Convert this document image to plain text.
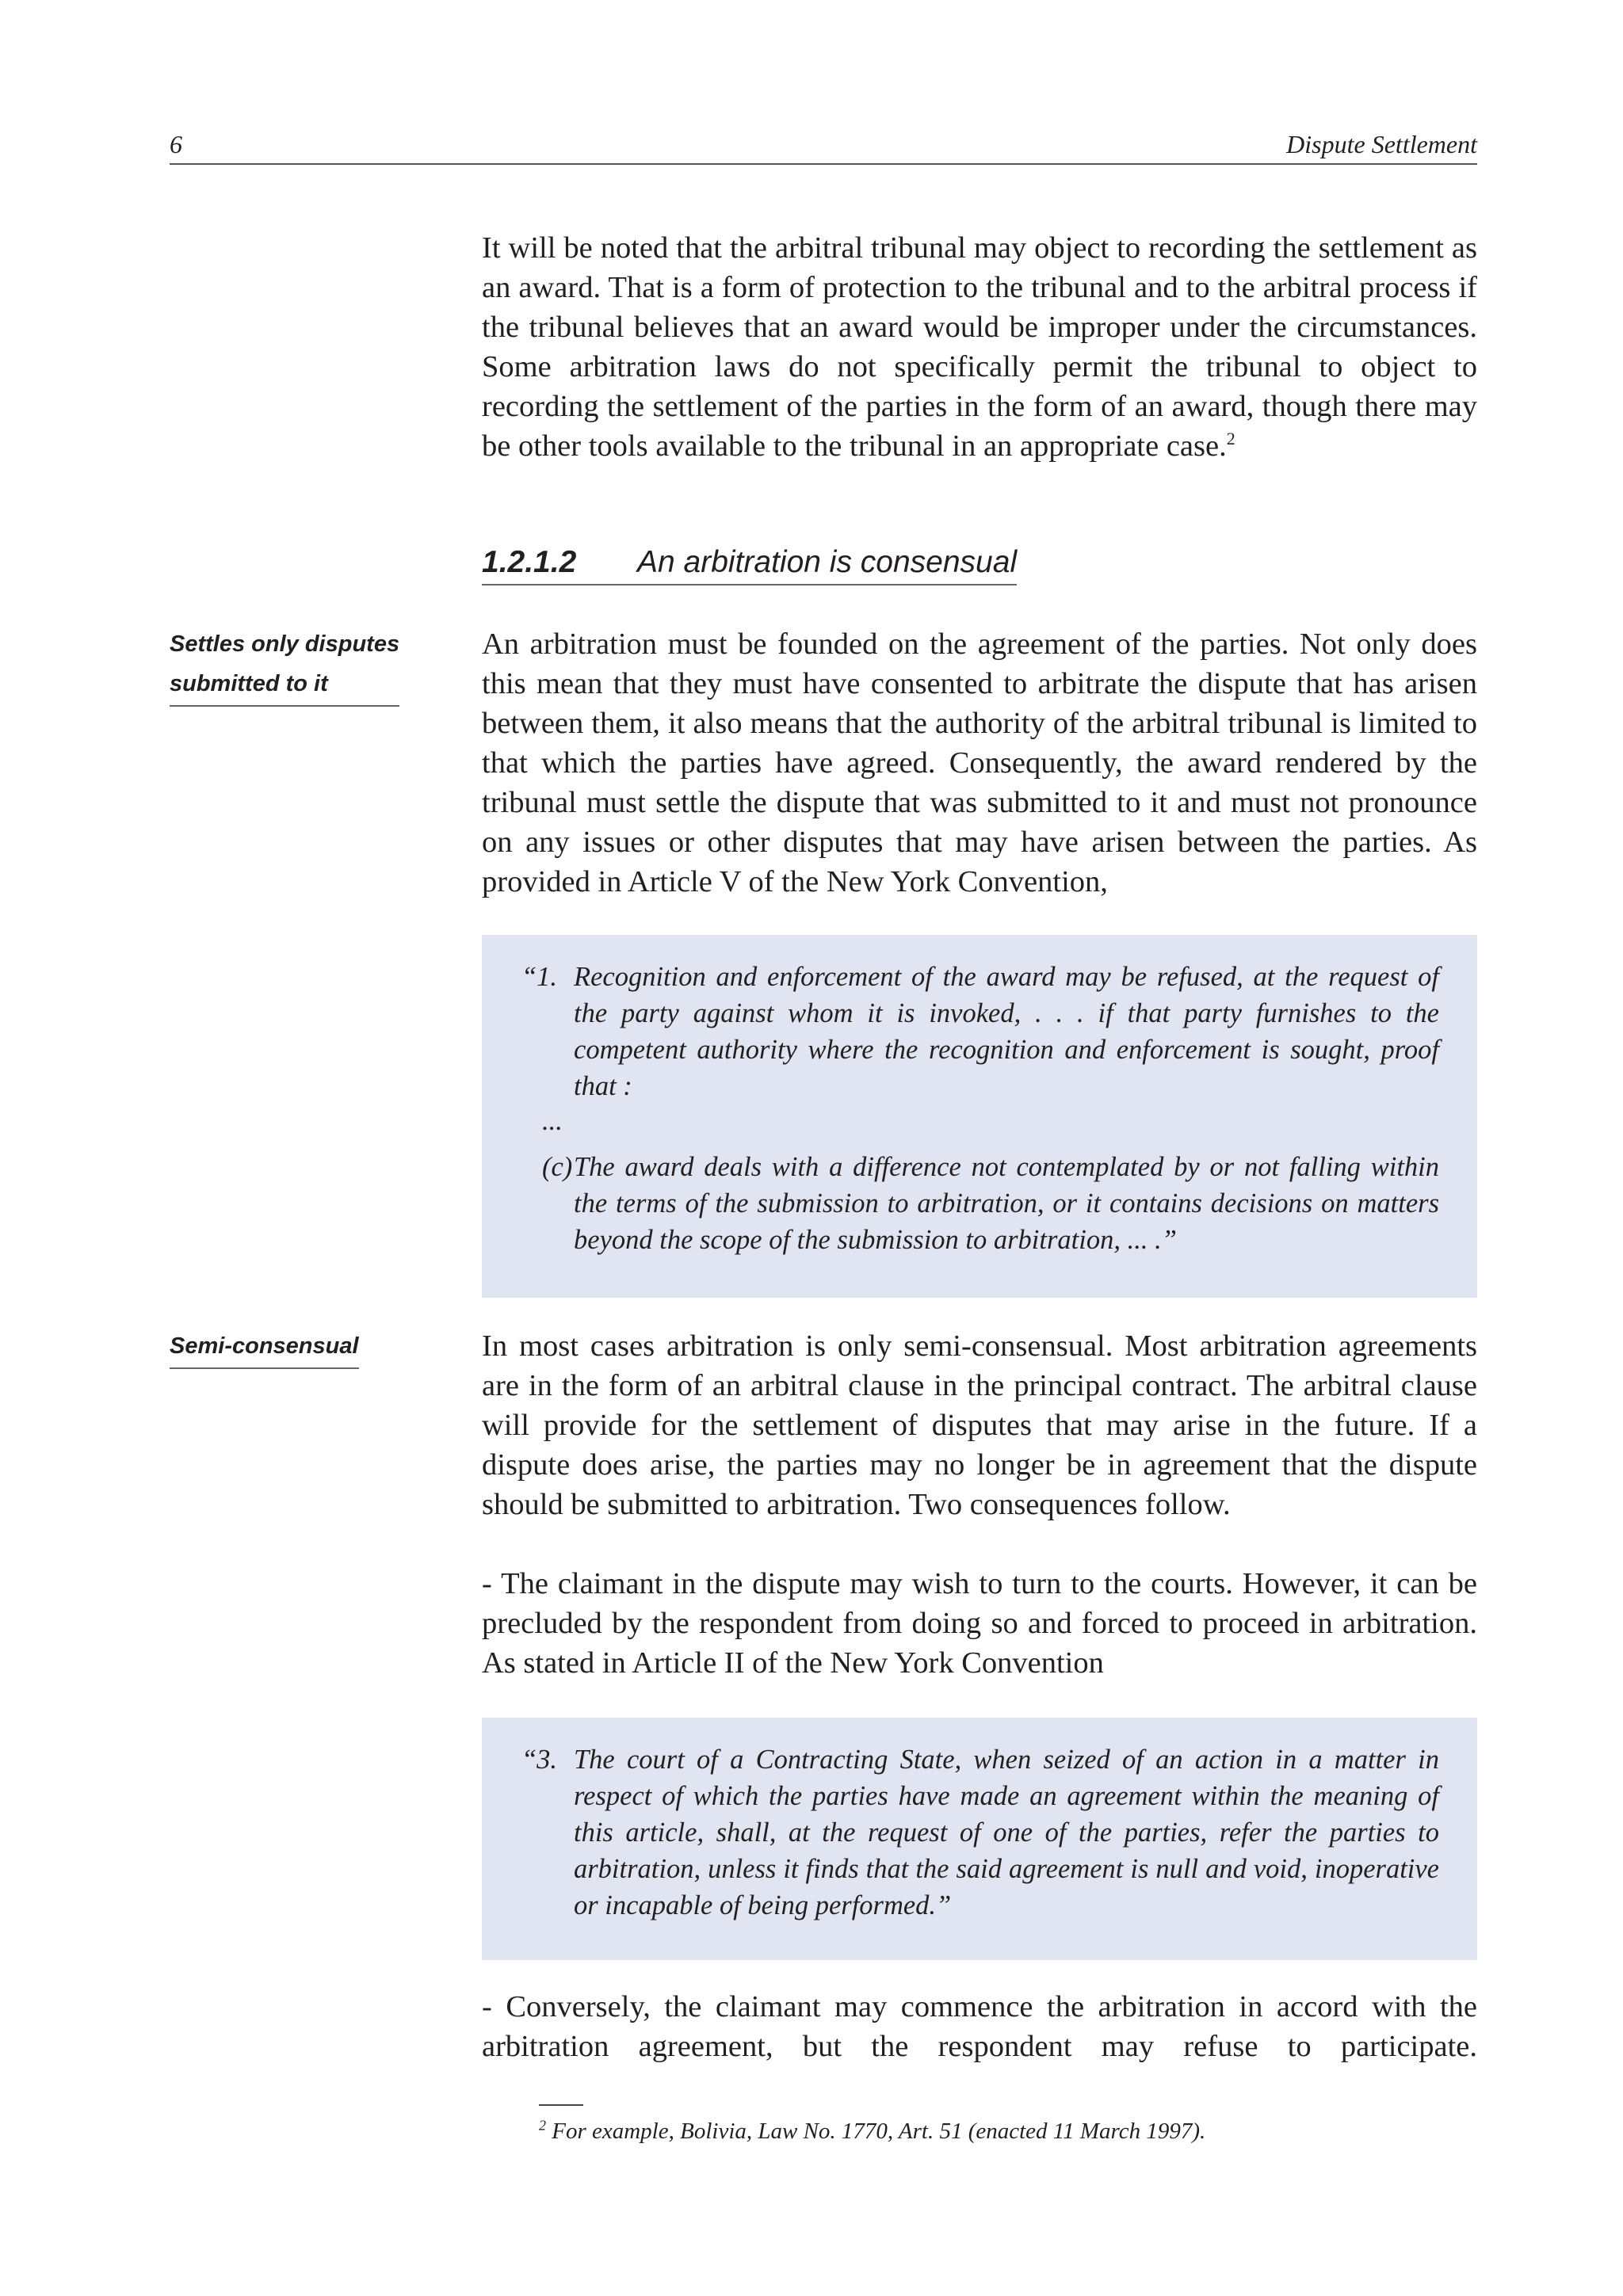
6	Dispute Settlement

It will be noted that the arbitral tribunal may object to recording the settlement as an award. That is a form of protection to the tribunal and to the arbitral process if the tribunal believes that an award would be improper under the circumstances. Some arbitration laws do not specifically permit the tribunal to object to recording the settlement of the parties in the form of an award, though there may be other tools available to the tribunal in an appropriate case.$^2$

1.2.1.2 An arbitration is consensual
Settles only disputes
submitted to it

An arbitration must be founded on the agreement of the parties. Not only does this mean that they must have consented to arbitrate the dispute that has arisen between them, it also means that the authority of the arbitral tribunal is limited to that which the parties have agreed. Consequently, the award rendered by the tribunal must settle the dispute that was submitted to it and must not pronounce on any issues or other disputes that may have arisen between the parties. As provided in Article V of the New York Convention,

“1. Recognition and enforcement of the award may be refused, at the request of the party against whom it is invoked, . . . if that party furnishes to the competent authority where the recognition and enforcement is sought, proof that :
...
(c) The award deals with a difference not contemplated by or not falling within the terms of the submission to arbitration, or it contains decisions on matters beyond the scope of the submission to arbitration, ... .”
Semi-consensual	In most cases arbitration is only semi-consensual. Most arbitration agreements are in the form of an arbitral clause in the principal contract. The arbitral clause will provide for the settlement of disputes that may arise in the future. If a dispute does arise, the parties may no longer be in agreement that the dispute should be submitted to arbitration. Two consequences follow.

- The claimant in the dispute may wish to turn to the courts. However, it can be precluded by the respondent from doing so and forced to proceed in arbitration. As stated in Article II of the New York Convention

“3. The court of a Contracting State, when seized of an action in a matter in respect of which the parties have made an agreement within the meaning of this article, shall, at the request of one of the parties, refer the parties to arbitration, unless it finds that the said agreement is null and void, inoperative or incapable of being performed.”

- Conversely, the claimant may commence the arbitration in accord with the arbitration agreement, but the respondent may refuse to participate.

$^2$ For example, Bolivia, Law No. 1770, Art. 51 (enacted 11 March 1997).
